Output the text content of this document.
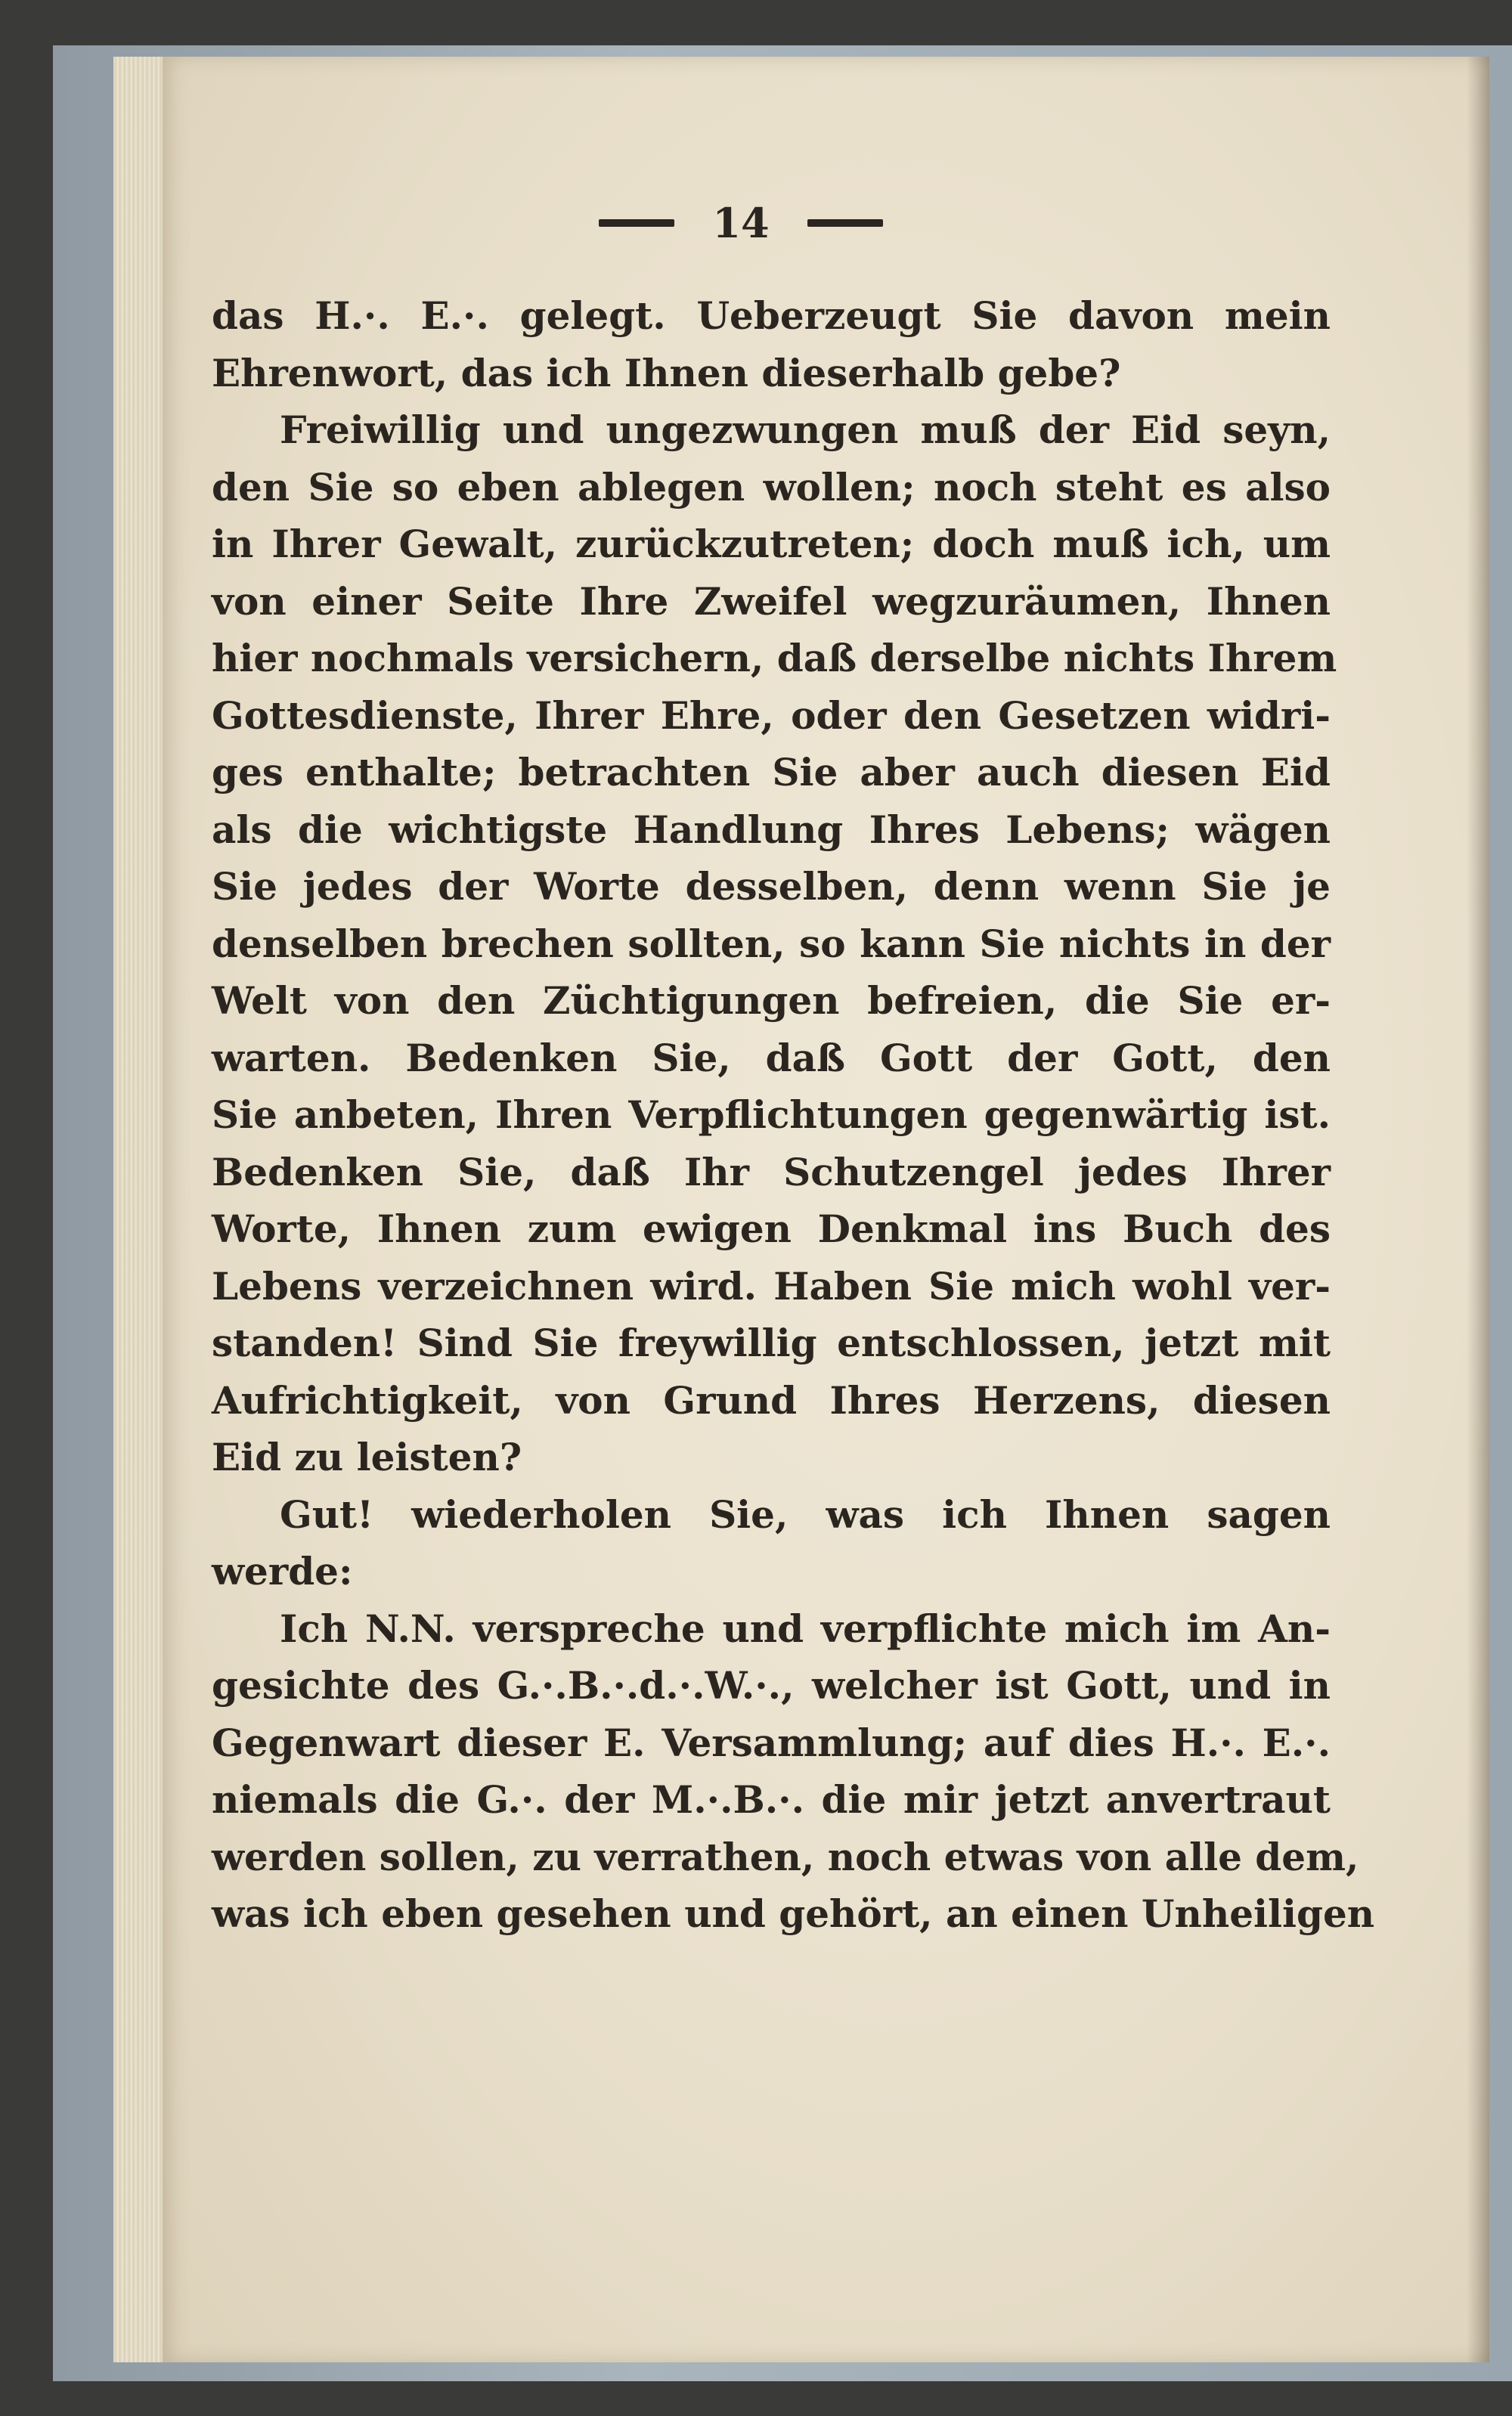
14
das H.·. E.·. gelegt. Ueberzeugt Sie davon mein
Ehrenwort, das ich Ihnen dieserhalb gebe?
Freiwillig und ungezwungen muß der Eid seyn,
den Sie so eben ablegen wollen; noch steht es also
in Ihrer Gewalt, zurückzutreten; doch muß ich, um
von einer Seite Ihre Zweifel wegzuräumen, Ihnen
hier nochmals versichern, daß derselbe nichts Ihrem
Gottesdienste, Ihrer Ehre, oder den Gesetzen widri-
ges enthalte; betrachten Sie aber auch diesen Eid
als die wichtigste Handlung Ihres Lebens; wägen
Sie jedes der Worte desselben, denn wenn Sie je
denselben brechen sollten, so kann Sie nichts in der
Welt von den Züchtigungen befreien, die Sie er-
warten. Bedenken Sie, daß Gott der Gott, den
Sie anbeten, Ihren Verpflichtungen gegenwärtig ist.
Bedenken Sie, daß Ihr Schutzengel jedes Ihrer
Worte, Ihnen zum ewigen Denkmal ins Buch des
Lebens verzeichnen wird. Haben Sie mich wohl ver-
standen! Sind Sie freywillig entschlossen, jetzt mit
Aufrichtigkeit, von Grund Ihres Herzens, diesen
Eid zu leisten?
Gut! wiederholen Sie, was ich Ihnen sagen
werde:
Ich N.N. verspreche und verpflichte mich im An-
gesichte des G.·.B.·.d.·.W.·., welcher ist Gott, und in
Gegenwart dieser E. Versammlung; auf dies H.·. E.·.
niemals die G.·. der M.·.B.·. die mir jetzt anvertraut
werden sollen, zu verrathen, noch etwas von alle dem,
was ich eben gesehen und gehört, an einen Unheiligen
